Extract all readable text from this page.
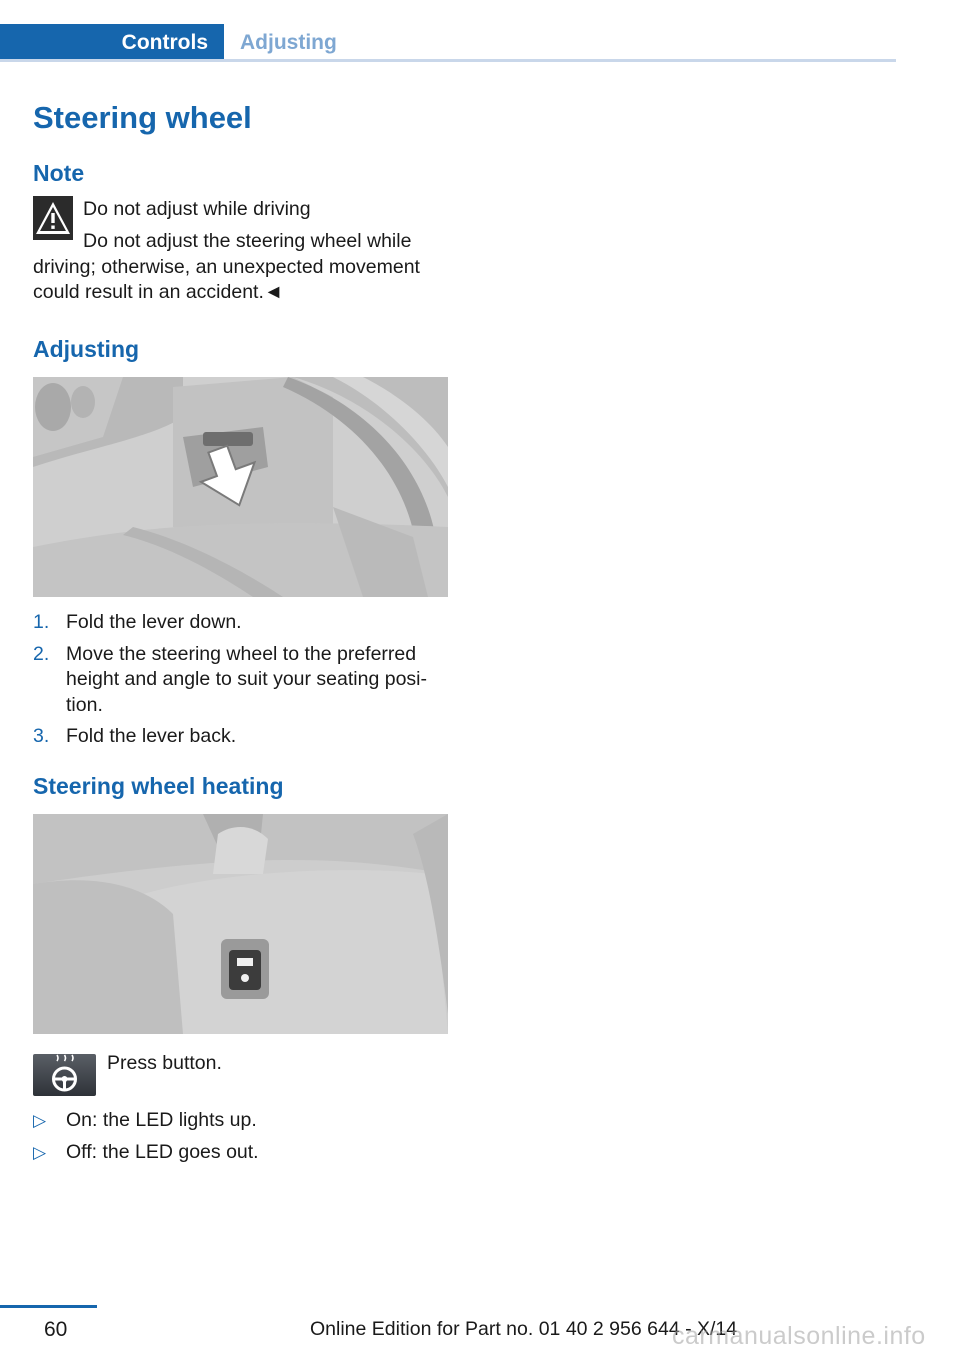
Controls	Adjusting
Steering wheel
Note
Do not adjust while driving
Do not adjust the steering wheel while driving; otherwise, an unexpected movement could result in an accident.◄
Adjusting
1. Fold the lever down.
2. Move the steering wheel to the preferred height and angle to suit your seating position.
3. Fold the lever back.
Steering wheel heating
Press button.
▷ On: the LED lights up.
▷ Off: the LED goes out.
60	Online Edition for Part no. 01 40 2 956 644 - X/14
carmanualsonline.info
